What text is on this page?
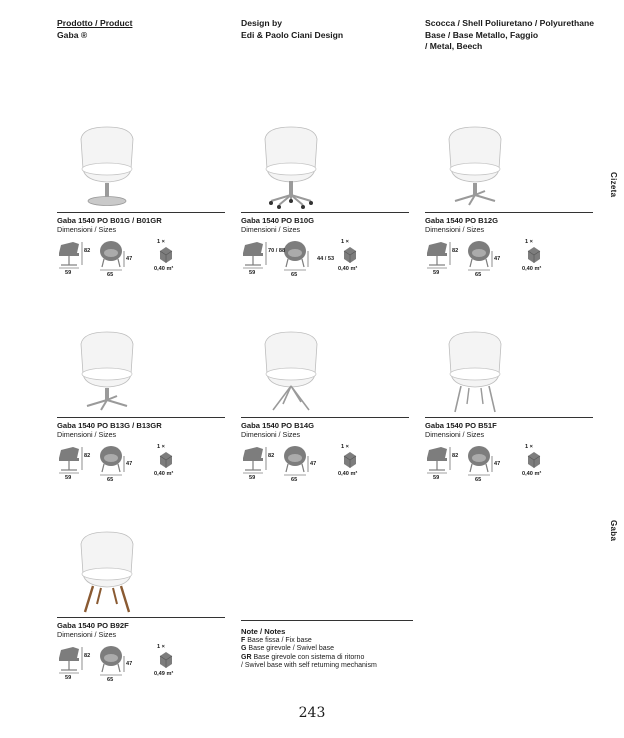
Prodotto / Product
Gaba ®
Design by
Edi & Paolo Ciani Design
Scocca / Shell Poliuretano / Polyurethane
Base / Base Metallo, Faggio
/ Metal, Beech
Cizeta
Gaba
Gaba 1540 PO B01G / B01GR
Dimensioni / Sizes
82
47
59	65
1 ×
0,40 m³
Gaba 1540 PO B10G
Dimensioni / Sizes
70 / 88
44 / 53
59	65
1 ×
0,40 m³
Gaba 1540 PO B12G
Dimensioni / Sizes
82
47
59	65
1 ×
0,40 m³
Gaba 1540 PO B13G / B13GR
Dimensioni / Sizes
82
47
59	65
1 ×
0,40 m³
Gaba 1540 PO B14G
Dimensioni / Sizes
82
47
59	65
1 ×
0,40 m³
Gaba 1540 PO B51F
Dimensioni / Sizes
82
47
59	65
1 ×
0,40 m³
Gaba 1540 PO B92F
Dimensioni / Sizes
82
47
59	65
1 ×
0,49 m³
Note / Notes
F Base fissa / Fix base
G Base girevole / Swivel base
GR Base girevole con sistema di ritorno
/ Swivel base with self returning mechanism
243
